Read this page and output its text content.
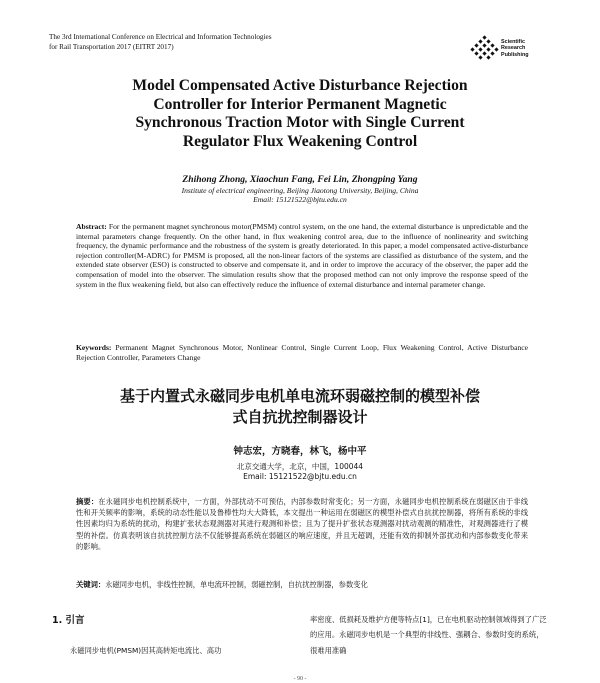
The 3rd International Conference on Electrical and Information Technologies
for Rail Transportation 2017 (EITRT 2017)
Scientific
Research
Publishing
Model Compensated Active Disturbance Rejection
Controller for Interior Permanent Magnetic
Synchronous Traction Motor with Single Current
Regulator Flux Weakening Control
Zhihong Zhong, Xiaochun Fang, Fei Lin, Zhongping Yang
Institute of electrical engineering, Beijing Jiaotong University, Beijing, China
Email: 15121522@bjtu.edu.cn
Abstract: For the permanent magnet synchronous motor(PMSM) control system, on the one hand, the external disturbance is unpredictable and the internal parameters change frequently. On the other hand, in flux weakening control area, due to the influence of nonlinearity and switching frequency, the dynamic performance and the robustness of the system is greatly deteriorated. In this paper, a model compensated active-disturbance rejection controller(M-ADRC) for PMSM is proposed, all the non-linear factors of the systems are classified as disturbance of the system, and the extended state observer (ESO) is constructed to observe and compensate it, and in order to improve the accuracy of the observer, the paper add the compensation of model into the observer. The simulation results show that the proposed method can not only improve the response speed of the system in the flux weakening field, but also can effectively reduce the influence of external disturbance and internal parameter change.
Keywords: Permanent Magnet Synchronous Motor, Nonlinear Control, Single Current Loop, Flux Weakening Control, Active Disturbance Rejection Controller, Parameters Change
基于内置式永磁同步电机单电流环弱磁控制的模型补偿
式自抗扰控制器设计
钟志宏，方晓春，林飞，杨中平
北京交通大学，北京，中国，100044
Email: 15121522@bjtu.edu.cn
摘要：在永磁同步电机控制系统中，一方面，外部扰动不可预估，内部参数时常变化；另一方面，永磁同步电机控制系统在弱磁区由于非线性和开关频率的影响，系统的动态性能以及鲁棒性均大大降低，本文提出一种运用在弱磁区的模型补偿式自抗扰控制器，将所有系统的非线性因素均归为系统的扰动，构建扩张状态观测器对其进行观测和补偿；且为了提升扩张状态观测器对扰动观测的精准性，对观测器进行了模型的补偿。仿真表明该自抗扰控制方法不仅能够提高系统在弱磁区的响应速度，并且无超调，还能有效的抑制外部扰动和内部参数变化带来的影响。
关键词：永磁同步电机，非线性控制，单电流环控制，弱磁控制，自抗扰控制器，参数变化
1. 引言
永磁同步电机(PMSM)因其高转矩电流比、高功
率密度、低损耗及维护方便等特点[1]，已在电机驱动控制领域得到了广泛的应用。永磁同步电机是一个典型的非线性、强耦合、参数时变的系统，很难用准确
- 90 -
